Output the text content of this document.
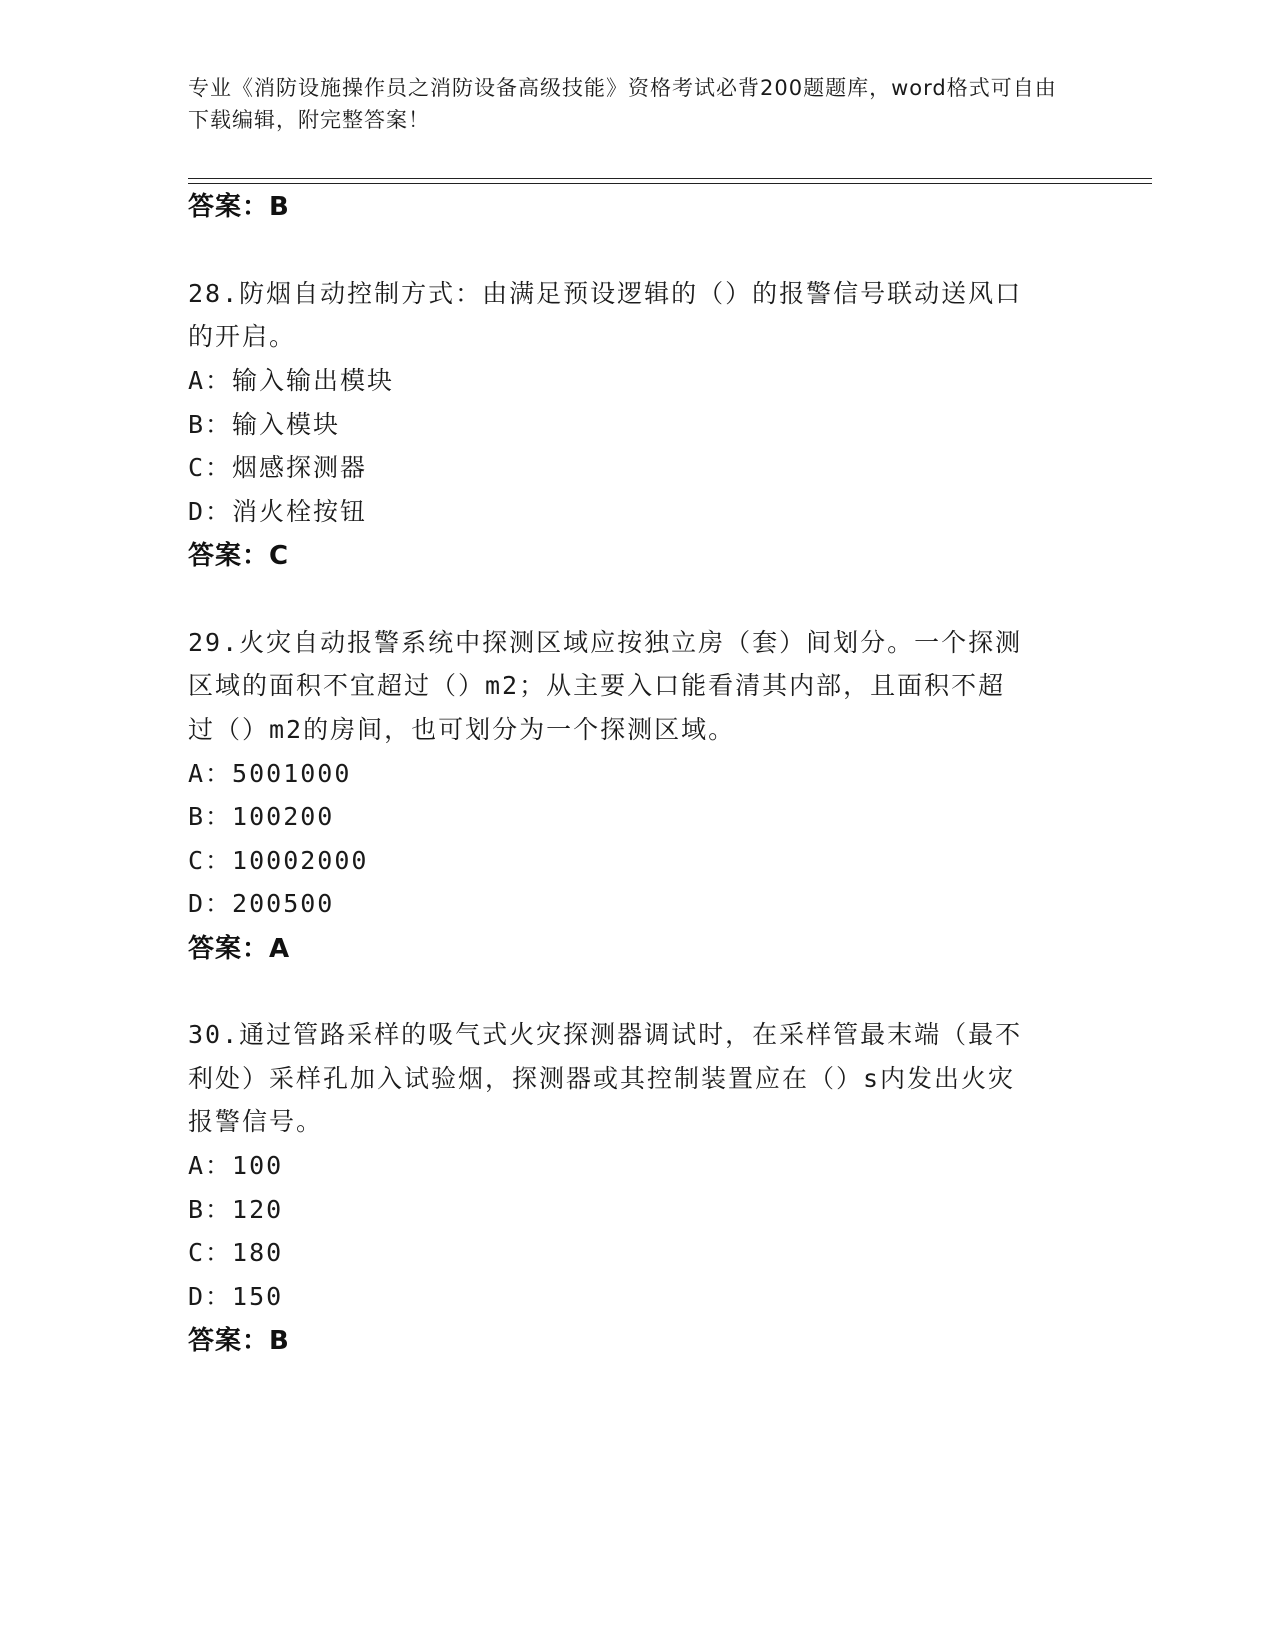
专业《消防设施操作员之消防设备高级技能》资格考试必背200题题库，word格式可自由下载编辑，附完整答案！
答案：B
28.防烟自动控制方式：由满足预设逻辑的（）的报警信号联动送风口
的开启。
A：输入输出模块
B：输入模块
C：烟感探测器
D：消火栓按钮
答案：C
29.火灾自动报警系统中探测区域应按独立房（套）间划分。一个探测
区域的面积不宜超过（）m2；从主要入口能看清其内部，且面积不超
过（）m2的房间，也可划分为一个探测区域。
A：5001000
B：100200
C：10002000
D：200500
答案：A
30.通过管路采样的吸气式火灾探测器调试时，在采样管最末端（最不
利处）采样孔加入试验烟，探测器或其控制装置应在（）s内发出火灾
报警信号。
A：100
B：120
C：180
D：150
答案：B
